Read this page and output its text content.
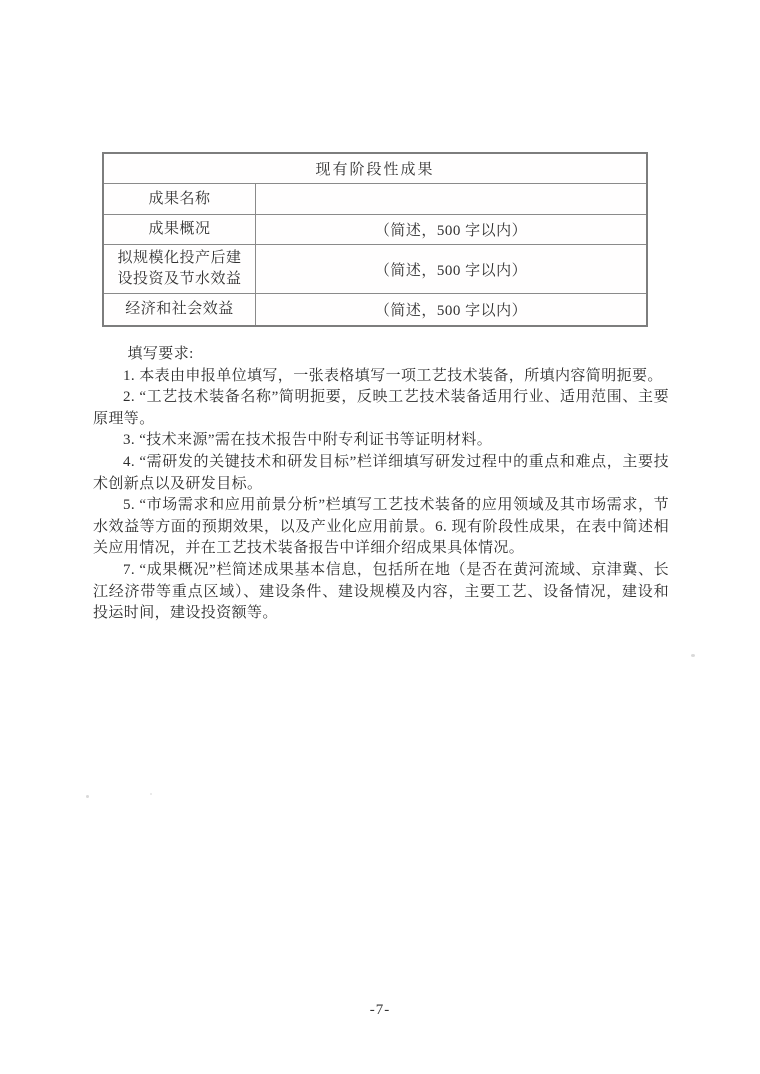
现有阶段性成果
成果名称
成果概况	（简述，500 字以内）
拟规模化投产后建设投资及节水效益
（简述，500 字以内）
经济和社会效益	（简述，500 字以内）

填写要求:

1. 本表由申报单位填写，一张表格填写一项工艺技术装备，所填内容简明扼要。

2. “工艺技术装备名称”简明扼要，反映工艺技术装备适用行业、适用范围、主要原理等。

3. “技术来源”需在技术报告中附专利证书等证明材料。

4. “需研发的关键技术和研发目标”栏详细填写研发过程中的重点和难点，主要技术创新点以及研发目标。

5. “市场需求和应用前景分析”栏填写工艺技术装备的应用领域及其市场需求，节水效益等方面的预期效果，以及产业化应用前景。6. 现有阶段性成果，在表中简述相关应用情况，并在工艺技术装备报告中详细介绍成果具体情况。

7. “成果概况”栏简述成果基本信息，包括所在地（是否在黄河流域、京津冀、长江经济带等重点区域）、建设条件、建设规模及内容，主要工艺、设备情况，建设和投运时间，建设投资额等。

-7-
